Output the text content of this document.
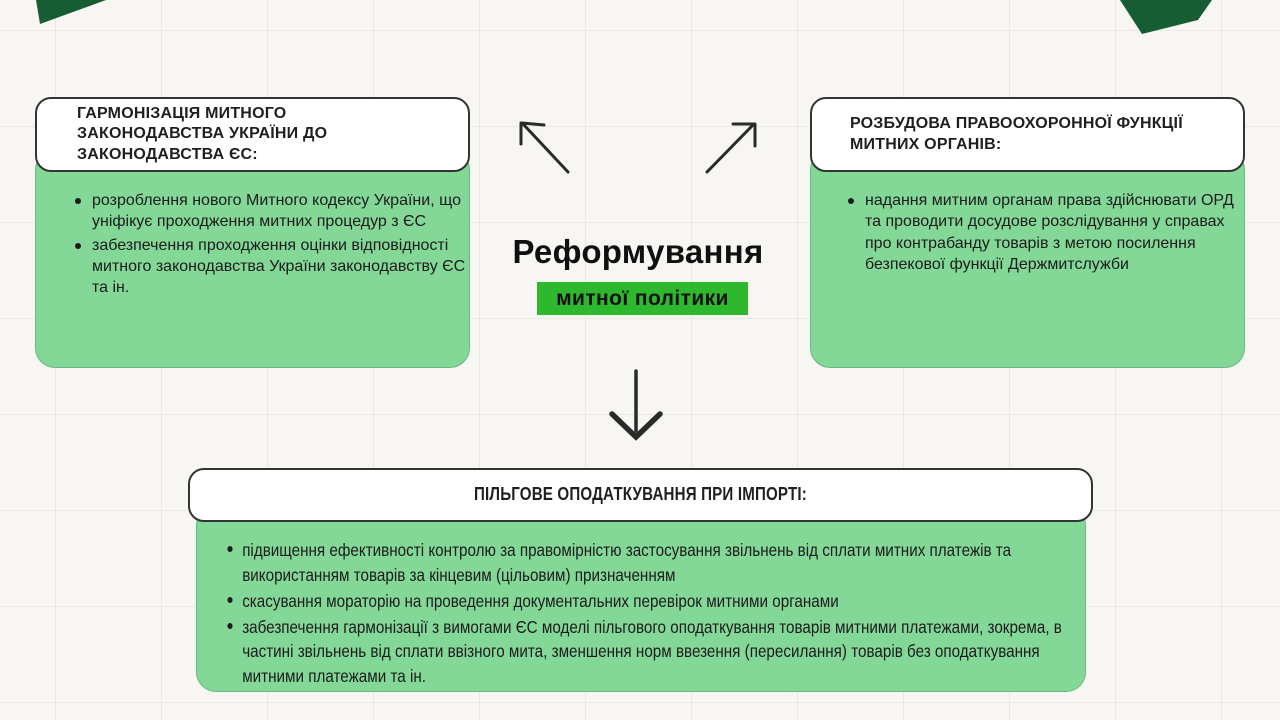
ГАРМОНІЗАЦІЯ МИТНОГО ЗАКОНОДАВСТВА УКРАЇНИ ДО ЗАКОНОДАВСТВА ЄС:
розроблення нового Митного кодексу України, що уніфікує проходження митних процедур з ЄС
забезпечення проходження оцінки відповідності митного законодавства України законодавству ЄС та ін.
РОЗБУДОВА ПРАВООХОРОННОЇ ФУНКЦІЇ МИТНИХ ОРГАНІВ:
надання митним органам права здійснювати ОРД та проводити досудове розслідування у справах про контрабанду товарів з метою посилення безпекової функції Держмитслужби
ПІЛЬГОВЕ ОПОДАТКУВАННЯ ПРИ ІМПОРТІ:
підвищення ефективності контролю за правомірністю застосування звільнень від сплати митних платежів та використанням товарів за кінцевим (цільовим) призначенням
скасування мораторію на проведення документальних перевірок митними органами
забезпечення гармонізації з вимогами ЄС моделі пільгового оподаткування товарів митними платежами, зокрема, в частині звільнень від сплати ввізного мита, зменшення норм ввезення (пересилання) товарів без оподаткування митними платежами та ін.
Реформування
митної політики
